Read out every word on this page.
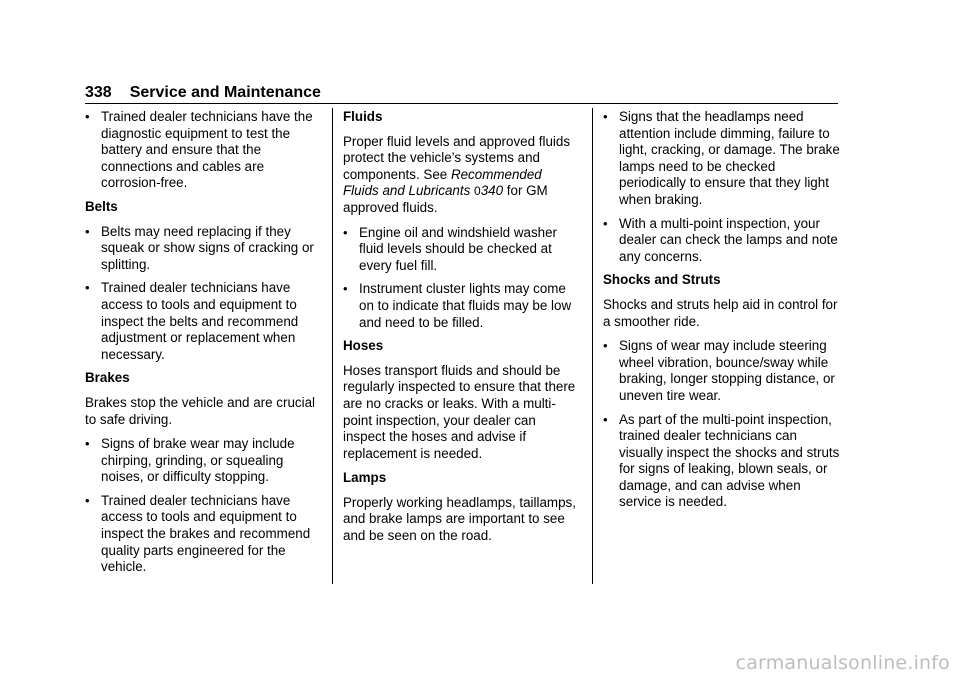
338 Service and Maintenance
• Trained dealer technicians have the diagnostic equipment to test the battery and ensure that the connections and cables are corrosion-free.
Belts
• Belts may need replacing if they squeak or show signs of cracking or splitting.
• Trained dealer technicians have access to tools and equipment to inspect the belts and recommend adjustment or replacement when necessary.
Brakes
Brakes stop the vehicle and are crucial to safe driving.
• Signs of brake wear may include chirping, grinding, or squealing noises, or difficulty stopping.
• Trained dealer technicians have access to tools and equipment to inspect the brakes and recommend quality parts engineered for the vehicle.
Fluids
Proper fluid levels and approved fluids protect the vehicle’s systems and components. See Recommended Fluids and Lubricants 0340 for GM approved fluids.
• Engine oil and windshield washer fluid levels should be checked at every fuel fill.
• Instrument cluster lights may come on to indicate that fluids may be low and need to be filled.
Hoses
Hoses transport fluids and should be regularly inspected to ensure that there are no cracks or leaks. With a multi-point inspection, your dealer can inspect the hoses and advise if replacement is needed.
Lamps
Properly working headlamps, taillamps, and brake lamps are important to see and be seen on the road.
• Signs that the headlamps need attention include dimming, failure to light, cracking, or damage. The brake lamps need to be checked periodically to ensure that they light when braking.
• With a multi-point inspection, your dealer can check the lamps and note any concerns.
Shocks and Struts
Shocks and struts help aid in control for a smoother ride.
• Signs of wear may include steering wheel vibration, bounce/sway while braking, longer stopping distance, or uneven tire wear.
• As part of the multi-point inspection, trained dealer technicians can visually inspect the shocks and struts for signs of leaking, blown seals, or damage, and can advise when service is needed.
carmanualsonline.info
